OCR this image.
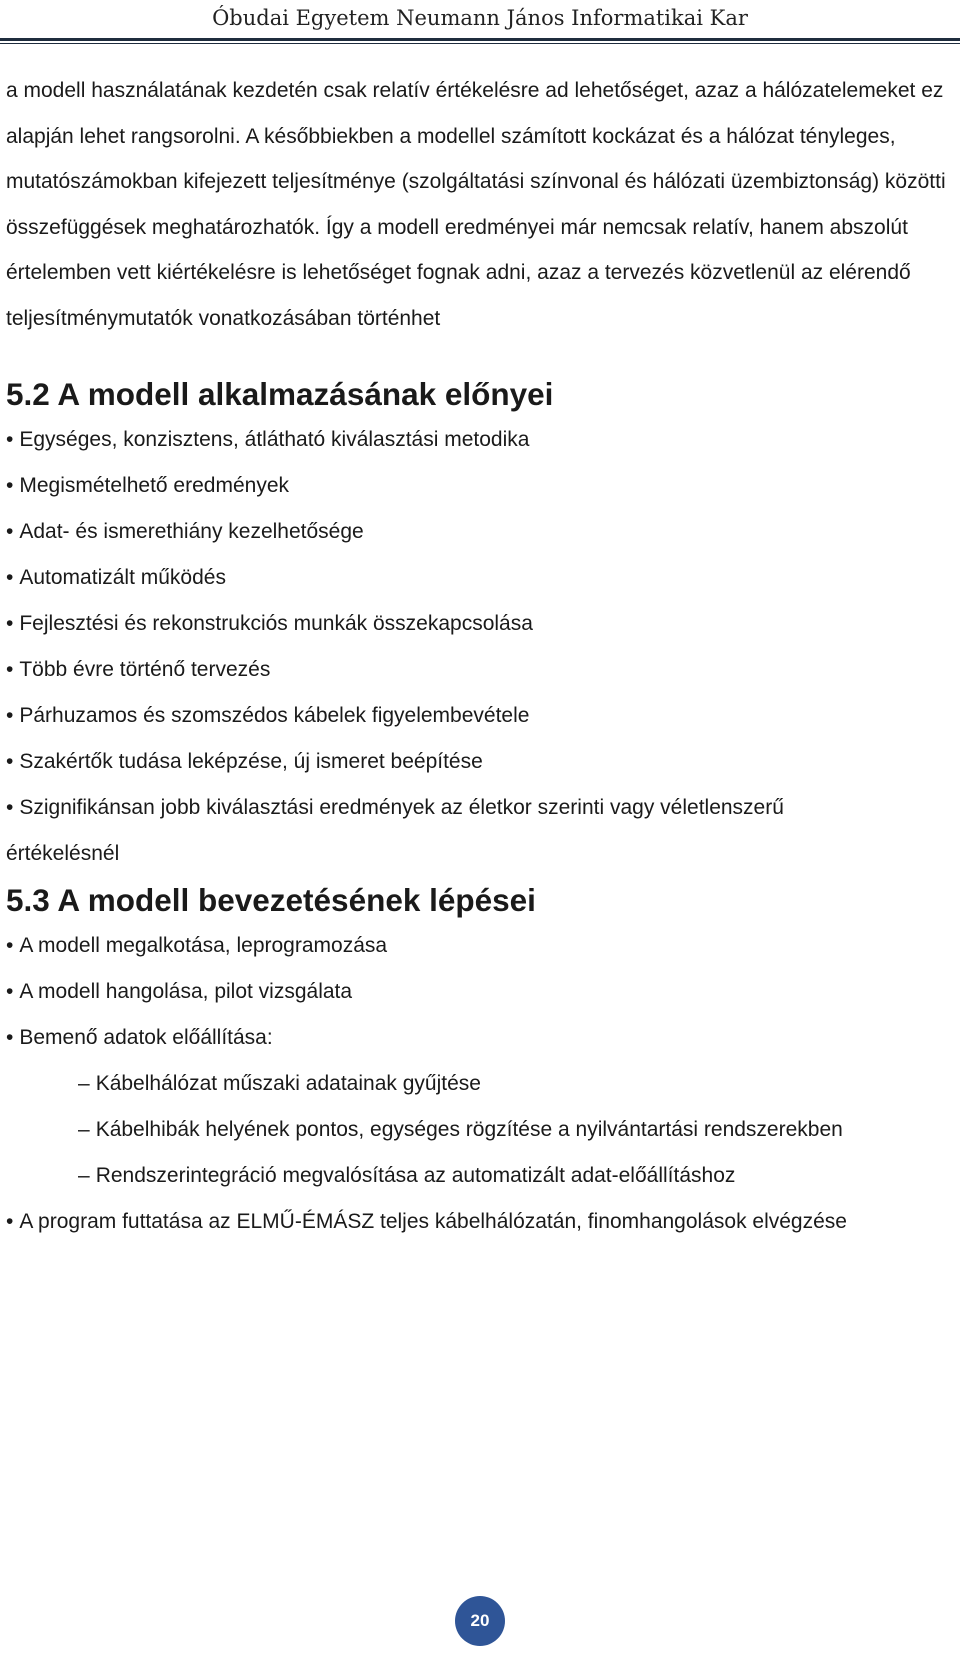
Óbudai Egyetem Neumann János Informatikai Kar

a modell használatának kezdetén csak relatív értékelésre ad lehetőséget, azaz a hálózatelemeket ez alapján lehet rangsorolni. A későbbiekben a modellel számított kockázat és a hálózat tényleges, mutatószámokban kifejezett teljesítménye (szolgáltatási színvonal és hálózati üzembiztonság) közötti összefüggések meghatározhatók. Így a modell eredményei már nemcsak relatív, hanem abszolút értelemben vett kiértékelésre is lehetőséget fognak adni, azaz a tervezés közvetlenül az elérendő teljesítménymutatók vonatkozásában történhet

5.2 A modell alkalmazásának előnyei
• Egységes, konzisztens, átlátható kiválasztási metodika
• Megismételhető eredmények
• Adat- és ismerethiány kezelhetősége
• Automatizált működés
• Fejlesztési és rekonstrukciós munkák összekapcsolása
• Több évre történő tervezés
• Párhuzamos és szomszédos kábelek figyelembevétele
• Szakértők tudása leképzése, új ismeret beépítése
• Szignifikánsan jobb kiválasztási eredmények az életkor szerinti vagy véletlenszerű értékelésnél
5.3 A modell bevezetésének lépései
• A modell megalkotása, leprogramozása
• A modell hangolása, pilot vizsgálata
• Bemenő adatok előállítása:
– Kábelhálózat műszaki adatainak gyűjtése
– Kábelhibák helyének pontos, egységes rögzítése a nyilvántartási rendszerekben
– Rendszerintegráció megvalósítása az automatizált adat-előállításhoz
• A program futtatása az ELMŰ-ÉMÁSZ teljes kábelhálózatán, finomhangolások elvégzése
20
